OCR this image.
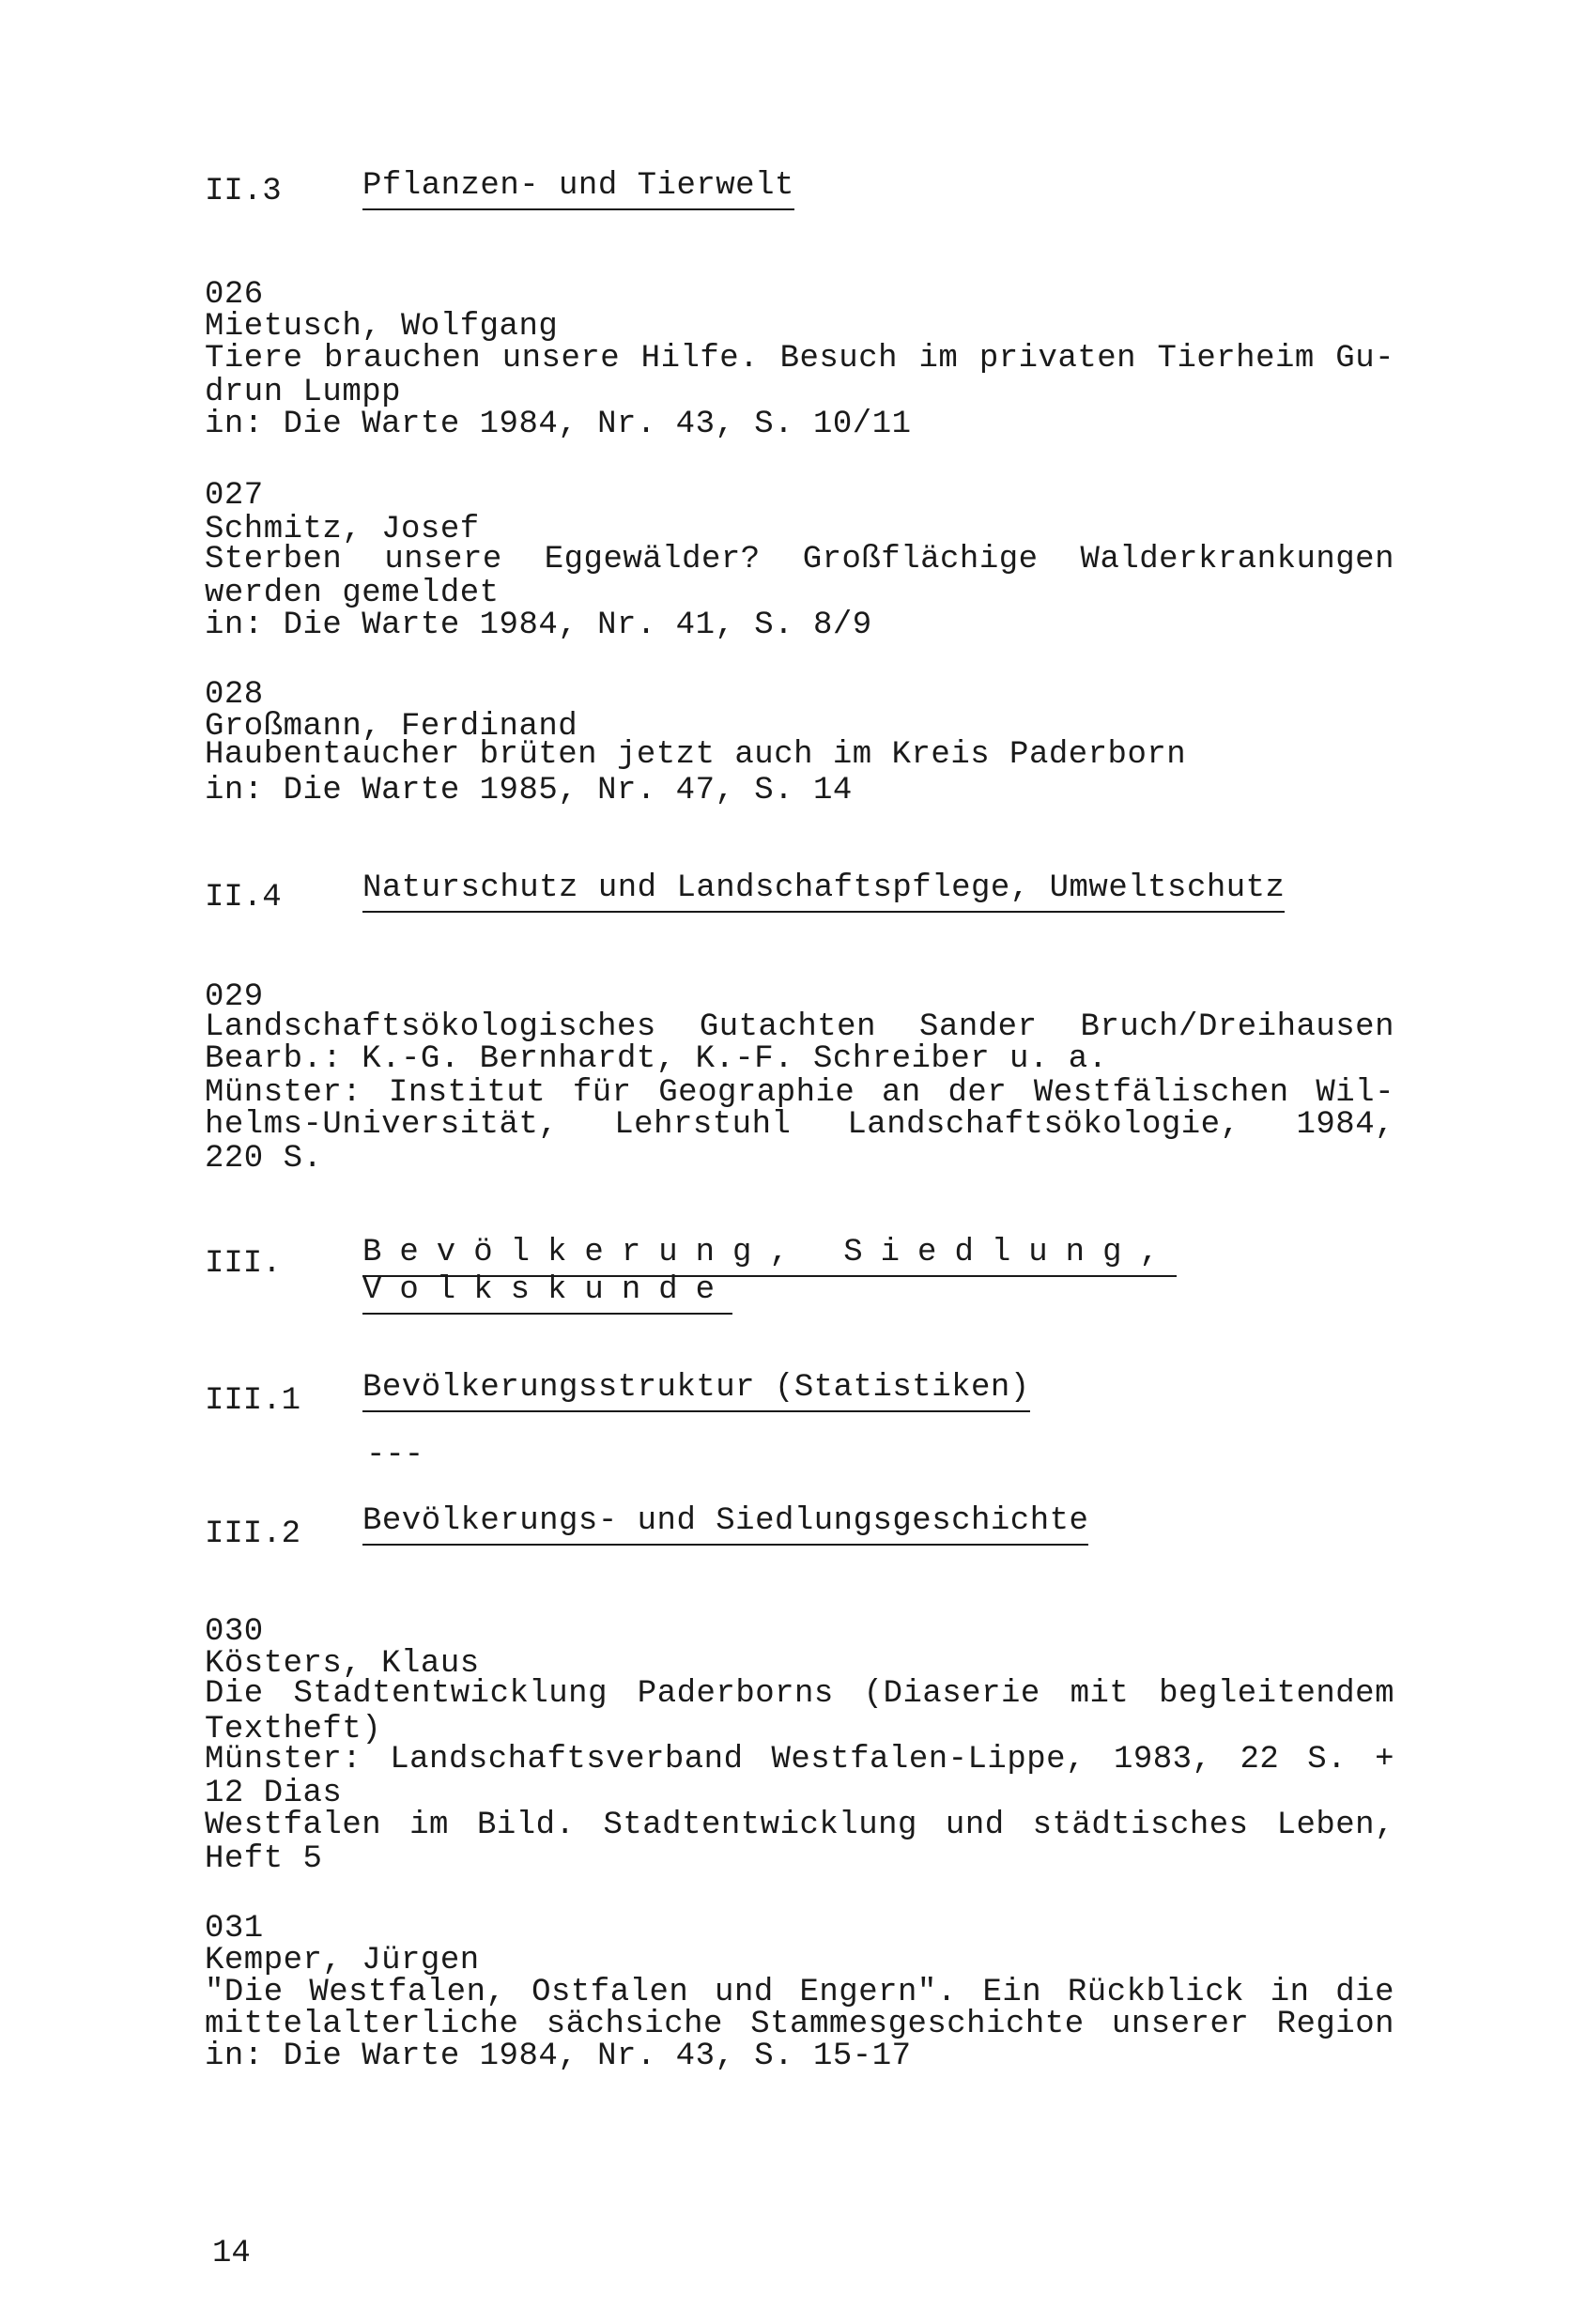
II.3	Pflanzen- und Tierwelt
026
Mietusch, Wolfgang
Tiere brauchen unsere Hilfe. Besuch im privaten Tierheim Gu-
drun Lumpp
in: Die Warte 1984, Nr. 43, S. 10/11
027
Schmitz, Josef
Sterben unsere Eggewälder? Großflächige Walderkrankungen
werden gemeldet
in: Die Warte 1984, Nr. 41, S. 8/9
028
Großmann, Ferdinand
Haubentaucher brüten jetzt auch im Kreis Paderborn
in: Die Warte 1985, Nr. 47, S. 14
II.4	Naturschutz und Landschaftspflege, Umweltschutz
029
Landschaftsökologisches Gutachten Sander Bruch/Dreihausen
Bearb.: K.-G. Bernhardt, K.-F. Schreiber u. a.
Münster: Institut für Geographie an der Westfälischen Wil-
helms-Universität, Lehrstuhl Landschaftsökologie, 1984,
220 S.
III.	Bevölkerung, Siedlung,
Volkskunde
III.1 Bevölkerungsstruktur (Statistiken)
---
III.2 Bevölkerungs- und Siedlungsgeschichte
030
Kösters, Klaus
Die Stadtentwicklung Paderborns (Diaserie mit begleitendem
Textheft)
Münster: Landschaftsverband Westfalen-Lippe, 1983, 22 S. +
12 Dias
Westfalen im Bild. Stadtentwicklung und städtisches Leben,
Heft 5
031
Kemper, Jürgen
"Die Westfalen, Ostfalen und Engern". Ein Rückblick in die
mittelalterliche sächsiche Stammesgeschichte unserer Region
in: Die Warte 1984, Nr. 43, S. 15-17
14
